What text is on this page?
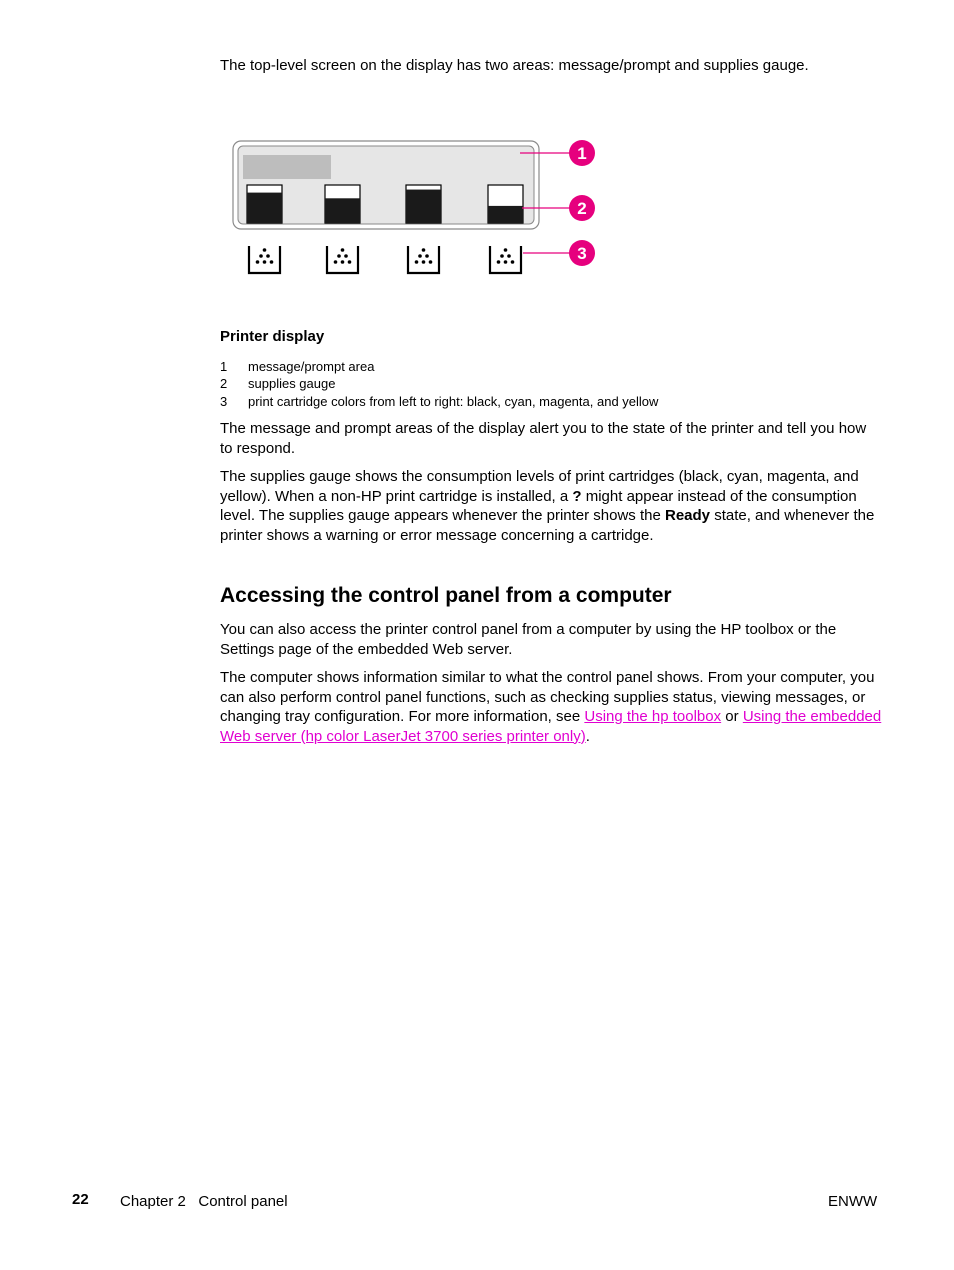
The top-level screen on the display has two areas: message/prompt and supplies gauge.
1
2
3
Printer display
1 message/prompt area
2 supplies gauge
3 print cartridge colors from left to right: black, cyan, magenta, and yellow
The message and prompt areas of the display alert you to the state of the printer and tell you how to respond.
The supplies gauge shows the consumption levels of print cartridges (black, cyan, magenta, and yellow). When a non-HP print cartridge is installed, a ? might appear instead of the consumption level. The supplies gauge appears whenever the printer shows the Ready state, and whenever the printer shows a warning or error message concerning a cartridge.
Accessing the control panel from a computer
You can also access the printer control panel from a computer by using the HP toolbox or the Settings page of the embedded Web server.
The computer shows information similar to what the control panel shows. From your computer, you can also perform control panel functions, such as checking supplies status, viewing messages, or changing tray configuration. For more information, see Using the hp toolbox or Using the embedded Web server (hp color LaserJet 3700 series printer only).
22 Chapter 2   Control panel	ENWW
